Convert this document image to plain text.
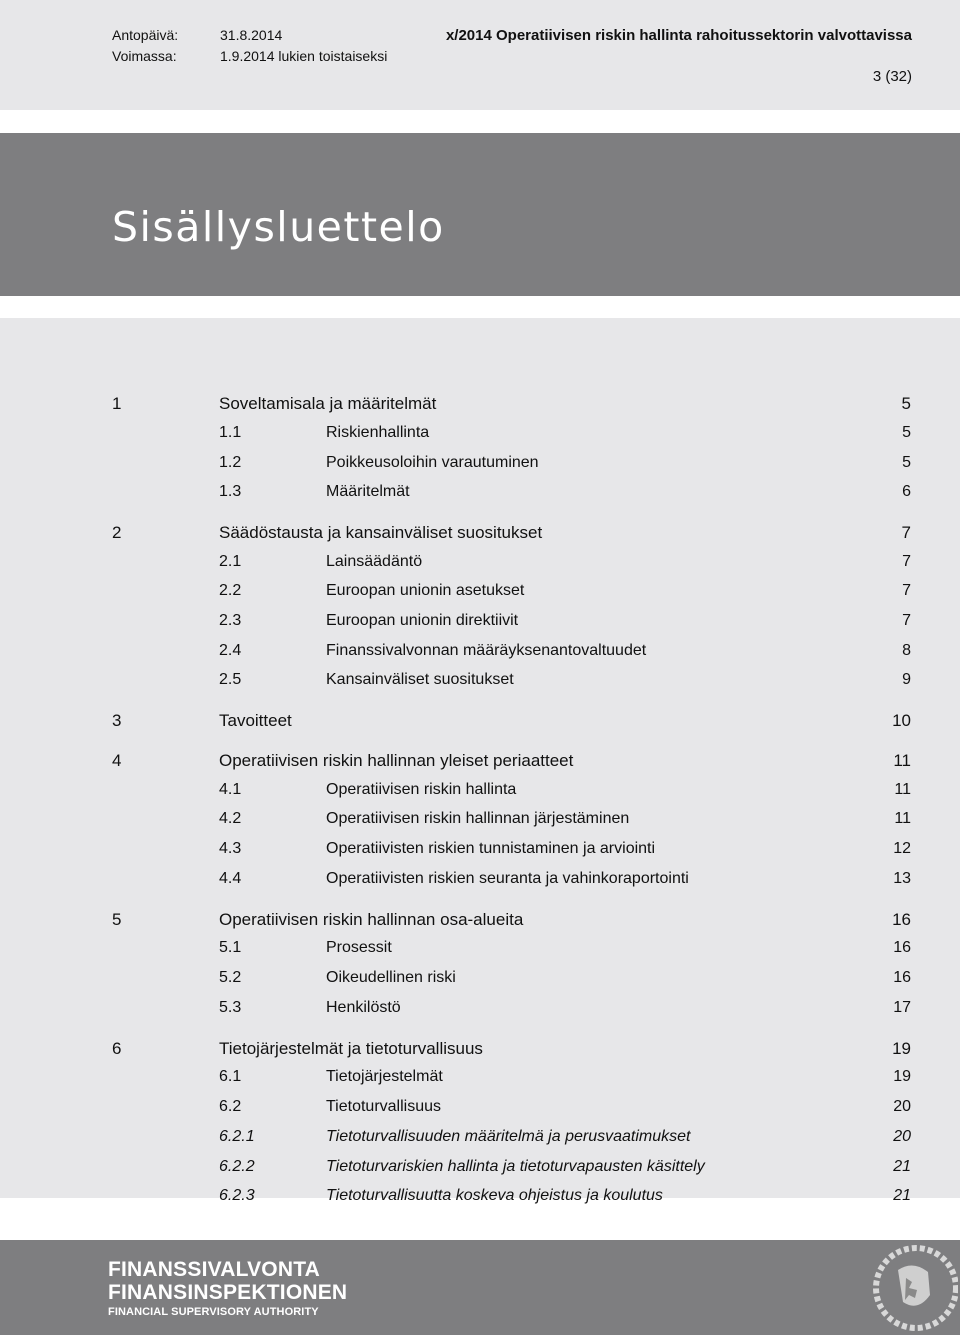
Antopäivä:	31.8.2014
Voimassa:	1.9.2014 lukien toistaiseksi
x/2014 Operatiivisen riskin hallinta rahoitussektorin valvottavissa
3 (32)
Sisällysluettelo
1	Soveltamisala ja määritelmät	5
1.1	Riskienhallinta	5
1.2	Poikkeusoloihin varautuminen	5
1.3	Määritelmät	6
2	Säädöstausta ja kansainväliset suositukset	7
2.1	Lainsäädäntö	7
2.2	Euroopan unionin asetukset	7
2.3	Euroopan unionin direktiivit	7
2.4	Finanssivalvonnan määräyksenantovaltuudet	8
2.5	Kansainväliset suositukset	9
3	Tavoitteet	10
4	Operatiivisen riskin hallinnan yleiset periaatteet	11
4.1	Operatiivisen riskin hallinta	11
4.2	Operatiivisen riskin hallinnan järjestäminen	11
4.3	Operatiivisten riskien tunnistaminen ja arviointi	12
4.4	Operatiivisten riskien seuranta ja vahinkoraportointi	13
5	Operatiivisen riskin hallinnan osa-alueita	16
5.1	Prosessit	16
5.2	Oikeudellinen riski	16
5.3	Henkilöstö	17
6	Tietojärjestelmät ja tietoturvallisuus	19
6.1	Tietojärjestelmät	19
6.2	Tietoturvallisuus	20
6.2.1	Tietoturvallisuuden määritelmä ja perusvaatimukset	20
6.2.2	Tietoturvariskien hallinta ja tietoturvapausten käsittely	21
6.2.3	Tietoturvallisuutta koskeva ohjeistus ja koulutus	21
FINANSSIVALVONTA
FINANSINSPEKTIONEN
FINANCIAL SUPERVISORY AUTHORITY
